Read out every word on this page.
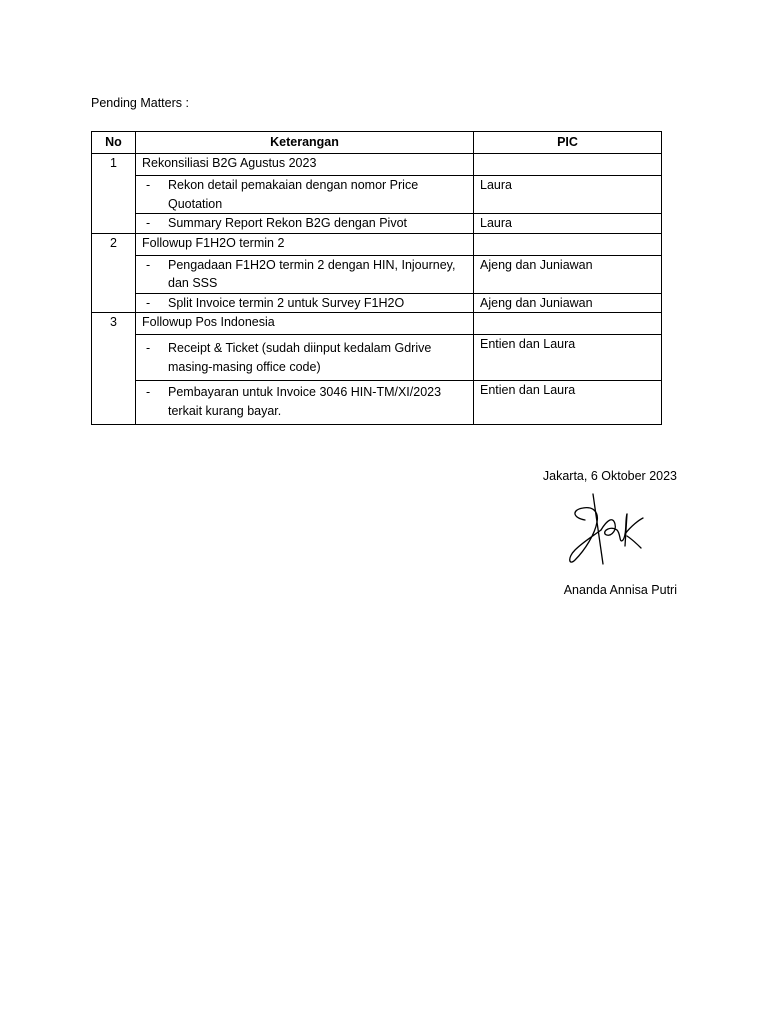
Pending Matters :
No	Keterangan	PIC
1	Rekonsiliasi B2G Agustus 2023	

	- Rekon detail pemakaian dengan nomor Price Quotation	Laura

	- Summary Report Rekon B2G dengan Pivot	Laura
2	Followup F1H2O termin 2	

	- Pengadaan F1H2O termin 2 dengan HIN, Injourney, dan SSS	Ajeng dan Juniawan

	- Split Invoice termin 2 untuk Survey F1H2O	Ajeng dan Juniawan
3	Followup Pos Indonesia	

	- Receipt & Ticket (sudah diinput kedalam Gdrive masing-masing office code)	Entien dan Laura

	- Pembayaran untuk Invoice 3046 HIN-TM/XI/2023 terkait kurang bayar.	Entien dan Laura
Jakarta, 6 Oktober 2023
Ananda Annisa Putri
